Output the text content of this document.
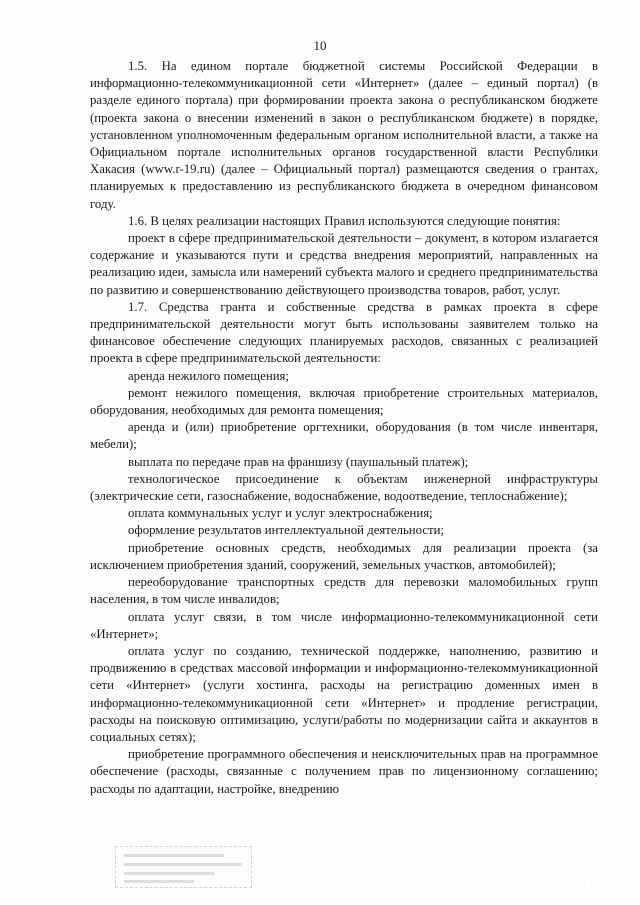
10

1.5. На едином портале бюджетной системы Российской Федерации в информационно-телекоммуникационной сети «Интернет» (далее – единый портал) (в разделе единого портала) при формировании проекта закона о республиканском бюджете (проекта закона о внесении изменений в закон о республиканском бюджете) в порядке, установленном уполномоченным федеральным органом исполнительной власти, а также на Официальном портале исполнительных органов государственной власти Республики Хакасия (www.r-19.ru) (далее – Официальный портал) размещаются сведения о грантах, планируемых к предоставлению из республиканского бюджета в очередном финансовом году.

1.6. В целях реализации настоящих Правил используются следующие понятия:

проект в сфере предпринимательской деятельности – документ, в котором излагается содержание и указываются пути и средства внедрения мероприятий, направленных на реализацию идеи, замысла или намерений субъекта малого и среднего предпринимательства по развитию и совершенствованию действующего производства товаров, работ, услуг.

1.7. Средства гранта и собственные средства в рамках проекта в сфере предпринимательской деятельности могут быть использованы заявителем только на финансовое обеспечение следующих планируемых расходов, связанных с реализацией проекта в сфере предпринимательской деятельности:

аренда нежилого помещения;

ремонт нежилого помещения, включая приобретение строительных материалов, оборудования, необходимых для ремонта помещения;

аренда и (или) приобретение оргтехники, оборудования (в том числе инвентаря, мебели);

выплата по передаче прав на франшизу (паушальный платеж);

технологическое присоединение к объектам инженерной инфраструктуры (электрические сети, газоснабжение, водоснабжение, водоотведение, теплоснабжение);

оплата коммунальных услуг и услуг электроснабжения;

оформление результатов интеллектуальной деятельности;

приобретение основных средств, необходимых для реализации проекта (за исключением приобретения зданий, сооружений, земельных участков, автомобилей);

переоборудование транспортных средств для перевозки маломобильных групп населения, в том числе инвалидов;

оплата услуг связи, в том числе информационно-телекоммуникационной сети «Интернет»;

оплата услуг по созданию, технической поддержке, наполнению, развитию и продвижению в средствах массовой информации и информационно-телекоммуникационной сети «Интернет» (услуги хостинга, расходы на регистрацию доменных имен в информационно-телекоммуникационной сети «Интернет» и продление регистрации, расходы на поисковую оптимизацию, услуги/работы по модернизации сайта и аккаунтов в социальных сетях);

приобретение программного обеспечения и неисключительных прав на программное обеспечение (расходы, связанные с получением прав по лицензионному соглашению; расходы по адаптации, настройке, внедрению

·
